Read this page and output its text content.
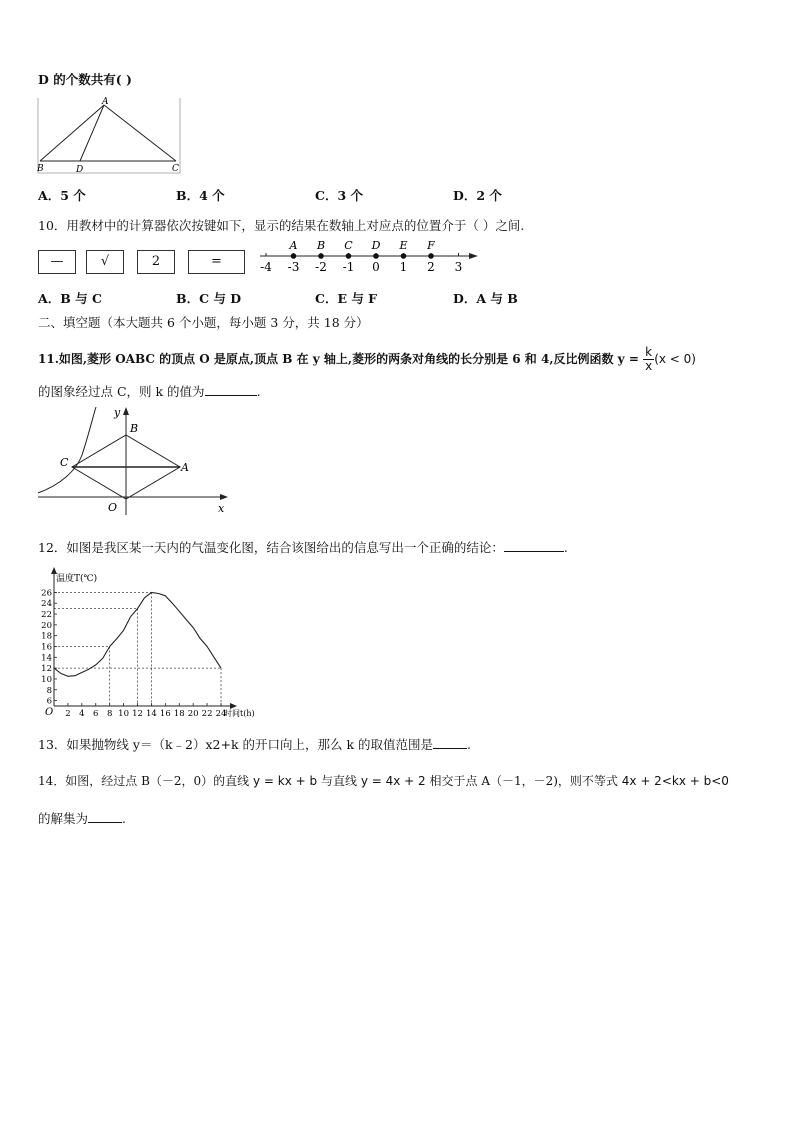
D 的个数共有( )
A
B	D	C
A．5 个	B．4 个	C．3 个	D．2 个
10．用教材中的计算器依次按键如下，显示的结果在数轴上对应点的位置介于（ ）之间.
—	√	2	=	-4 -3 -2 -1 0 1 2 3
A B C D E F
A．B 与 C	B．C 与 D	C．E 与 F	D．A 与 B
二、填空题（本大题共 6 个小题，每小题 3 分，共 18 分）
11.如图,菱形 OABC 的顶点 O 是原点,顶点 B 在 y 轴上,菱形的两条对角线的长分别是 6 和 4,反比例函数 $y = \frac{k}{x} (x < 0)$
的图象经过点 C，则 k 的值为	.
y
B
C	A
O	x
12．如图是我区某一天内的气温变化图，结合该图给出的信息写出一个正确的结论：	.
6
8
10
12
14
16
18
20
22
24
26
2 4 6 8 10 12 14 16 18 20 22 24
温度T(℃)
时间t(h)
O
13．如果抛物线 y＝（k﹣2）x2+k 的开口向上，那么 k 的取值范围是	.
14．如图，经过点 B（－2，0）的直线 y = kx + b 与直线 y = 4x + 2 相交于点 A（－1，－2)，则不等式 4x + 2<kx + b<0
的解集为	.
